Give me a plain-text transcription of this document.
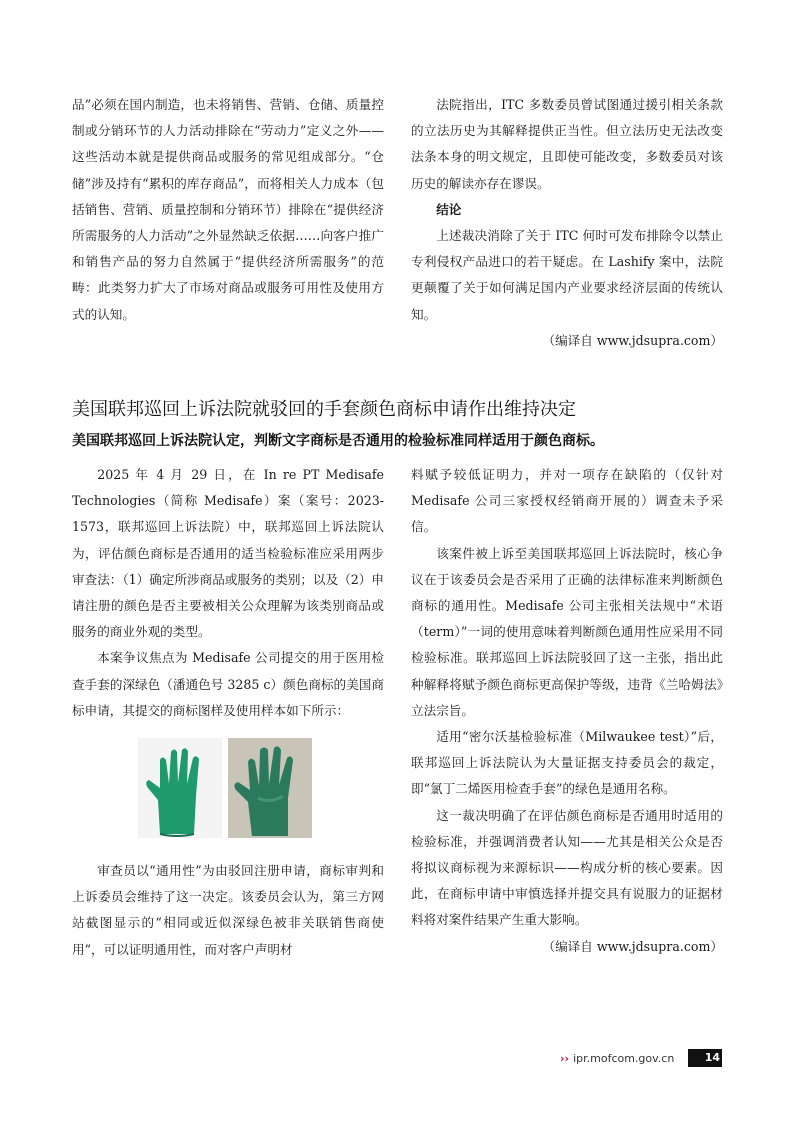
品”必须在国内制造，也未将销售、营销、仓储、质量控制或分销环节的人力活动排除在“劳动力”定义之外——这些活动本就是提供商品或服务的常见组成部分。“仓储”涉及持有“累积的库存商品”，而将相关人力成本（包括销售、营销、质量控制和分销环节）排除在“提供经济所需服务的人力活动”之外显然缺乏依据……向客户推广和销售产品的努力自然属于“提供经济所需服务”的范畴：此类努力扩大了市场对商品或服务可用性及使用方式的认知。

法院指出，ITC 多数委员曾试图通过援引相关条款的立法历史为其解释提供正当性。但立法历史无法改变法条本身的明文规定，且即使可能改变，多数委员对该历史的解读亦存在谬误。

结论

上述裁决消除了关于 ITC 何时可发布排除令以禁止专利侵权产品进口的若干疑虑。在 Lashify 案中，法院更颠覆了关于如何满足国内产业要求经济层面的传统认知。

（编译自 www.jdsupra.com）

美国联邦巡回上诉法院就驳回的手套颜色商标申请作出维持决定
美国联邦巡回上诉法院认定，判断文字商标是否通用的检验标准同样适用于颜色商标。

2025 年 4 月 29 日，在 In re PT Medisafe Technologies（简称 Medisafe）案（案号：2023-1573，联邦巡回上诉法院）中，联邦巡回上诉法院认为，评估颜色商标是否通用的适当检验标准应采用两步审查法：（1）确定所涉商品或服务的类别；以及（2）申请注册的颜色是否主要被相关公众理解为该类别商品或服务的商业外观的类型。

本案争议焦点为 Medisafe 公司提交的用于医用检查手套的深绿色（潘通色号 3285 c）颜色商标的美国商标申请，其提交的商标图样及使用样本如下所示：

审查员以“通用性”为由驳回注册申请，商标审判和上诉委员会维持了这一决定。该委员会认为，第三方网站截图显示的“相同或近似深绿色被非关联销售商使用”，可以证明通用性，而对客户声明材

料赋予较低证明力，并对一项存在缺陷的（仅针对 Medisafe 公司三家授权经销商开展的）调查未予采信。

该案件被上诉至美国联邦巡回上诉法院时，核心争议在于该委员会是否采用了正确的法律标准来判断颜色商标的通用性。Medisafe 公司主张相关法规中“术语（term）”一词的使用意味着判断颜色通用性应采用不同检验标准。联邦巡回上诉法院驳回了这一主张，指出此种解释将赋予颜色商标更高保护等级，违背《兰哈姆法》立法宗旨。

适用“密尔沃基检验标准（Milwaukee test）”后，联邦巡回上诉法院认为大量证据支持委员会的裁定，即“氯丁二烯医用检查手套”的绿色是通用名称。

这一裁决明确了在评估颜色商标是否通用时适用的检验标准，并强调消费者认知——尤其是相关公众是否将拟议商标视为来源标识——构成分析的核心要素。因此，在商标申请中审慎选择并提交具有说服力的证据材料将对案件结果产生重大影响。

（编译自 www.jdsupra.com）

›› ipr.mofcom.gov.cn	14
